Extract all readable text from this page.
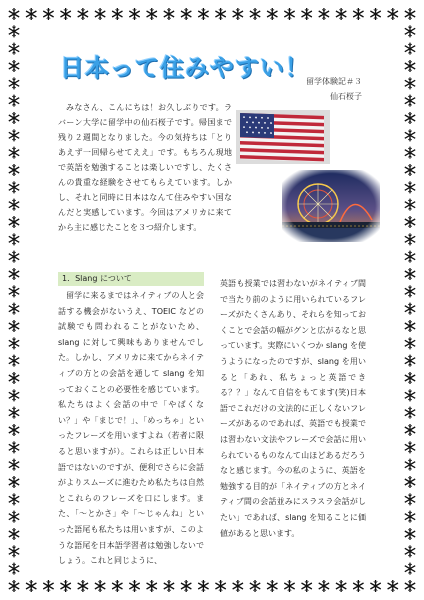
日本って住みやすい！
留学体験記＃３
仙石桜子

みなさん、こんにちは！お久しぶりです。ラバーン大学に留学中の仙石桜子です。帰国まで残り２週間となりました。今の気持ちは「とりあえず一回帰らせてええ」です。もちろん現地で英語を勉強することは楽しいですし、たくさんの貴重な経験をさせてもらえています。しかし、それと同時に日本はなんて住みやすい国なんだと実感しています。今回はアメリカに来てから主に感じたことを３つ紹介します。

1．Slang について
留学に来るまではネイティブの人と会話する機会がないうえ、TOEIC などの試験でも問われることがないため、slang に対して興味もありませんでした。しかし、アメリカに来てからネイティブの方との会話を通して slang を知っておくことの必要性を感じています。私たちはよく会話の中で「やばくない？」や「まじで！」、「めっちゃ」といったフレーズを用いますよね（若者に限ると思いますが）。これらは正しい日本語ではないのですが、便利でさらに会話がよりスムーズに進むため私たちは自然とこれらのフレーズを口にします。また、「～とかさ」や「～じゃんね」といった語尾も私たちは用いますが、このような語尾を日本語学習者は勉強しないでしょう。これと同じように、
英語も授業では習わないがネイティブ間で当たり前のように用いられているフレーズがたくさんあり、それらを知っておくことで会話の幅がグンと広がるなと思っています。実際にいくつか slang を使うようになったのですが、slang を用いると「あれ、私ちょっと英語できる？？」なんて自信をもてます(笑)日本語でこれだけの文法的に正しくないフレーズがあるのであれば、英語でも授業では習わない文法やフレーズで会話に用いられているものなんて山ほどあるだろうなと感じます。今の私のように、英語を勉強する目的が「ネイティブの方とネイティブ間の会話並みにスラスラ会話がしたい」であれば、slang を知ることに価値があると思います。
